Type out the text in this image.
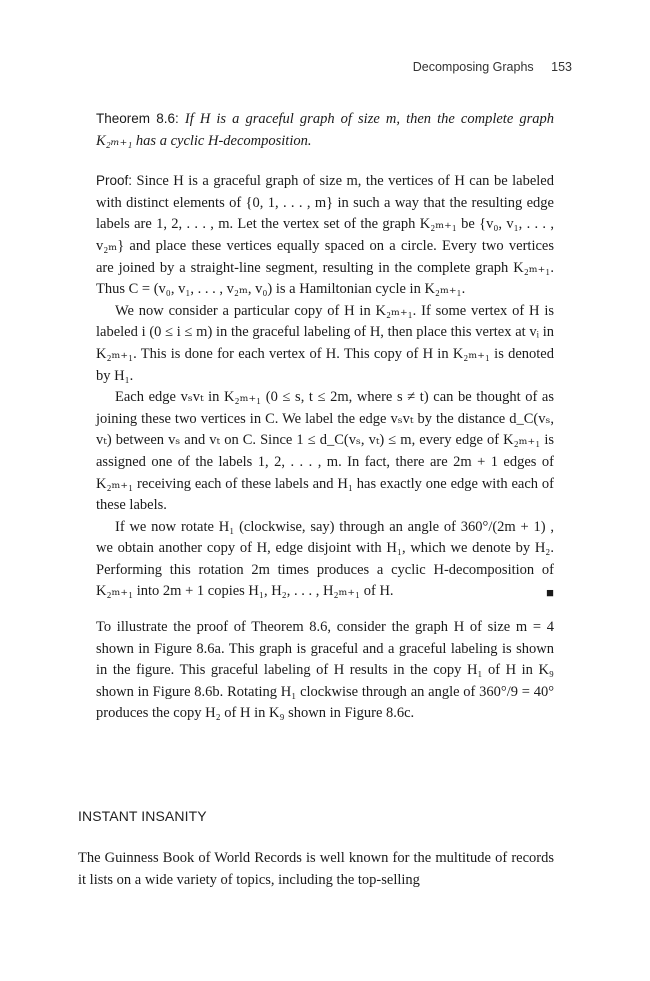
Decomposing Graphs 153

Theorem 8.6: If H is a graceful graph of size m, then the complete graph K₂ₘ₊₁ has a cyclic H-decomposition.

Proof: Since H is a graceful graph of size m, the vertices of H can be labeled with distinct elements of {0, 1, . . . , m} in such a way that the resulting edge labels are 1, 2, . . . , m. Let the vertex set of the graph K₂ₘ₊₁ be {v₀, v₁, . . . , v₂ₘ} and place these vertices equally spaced on a circle. Every two vertices are joined by a straight-line segment, resulting in the complete graph K₂ₘ₊₁. Thus C = (v₀, v₁, . . . , v₂ₘ, v₀) is a Hamiltonian cycle in K₂ₘ₊₁.

We now consider a particular copy of H in K₂ₘ₊₁. If some vertex of H is labeled i (0 ≤ i ≤ m) in the graceful labeling of H, then place this vertex at vᵢ in K₂ₘ₊₁. This is done for each vertex of H. This copy of H in K₂ₘ₊₁ is denoted by H₁.

Each edge vₛvₜ in K₂ₘ₊₁ (0 ≤ s, t ≤ 2m, where s ≠ t) can be thought of as joining these two vertices in C. We label the edge vₛvₜ by the distance d_C(vₛ, vₜ) between vₛ and vₜ on C. Since 1 ≤ d_C(vₛ, vₜ) ≤ m, every edge of K₂ₘ₊₁ is assigned one of the labels 1, 2, . . . , m. In fact, there are 2m + 1 edges of K₂ₘ₊₁ receiving each of these labels and H₁ has exactly one edge with each of these labels.

If we now rotate H₁ (clockwise, say) through an angle of 360°/(2m + 1) , we obtain another copy of H, edge disjoint with H₁, which we denote by H₂. Performing this rotation 2m times produces a cyclic H-decomposition of K₂ₘ₊₁ into 2m + 1 copies H₁, H₂, . . . , H₂ₘ₊₁ of H.	■

To illustrate the proof of Theorem 8.6, consider the graph H of size m = 4 shown in Figure 8.6a. This graph is graceful and a graceful labeling is shown in the figure. This graceful labeling of H results in the copy H₁ of H in K₉ shown in Figure 8.6b. Rotating H₁ clockwise through an angle of 360°/9 = 40° produces the copy H₂ of H in K₉ shown in Figure 8.6c.

INSTANT INSANITY

The Guinness Book of World Records is well known for the multitude of records it lists on a wide variety of topics, including the top-selling
